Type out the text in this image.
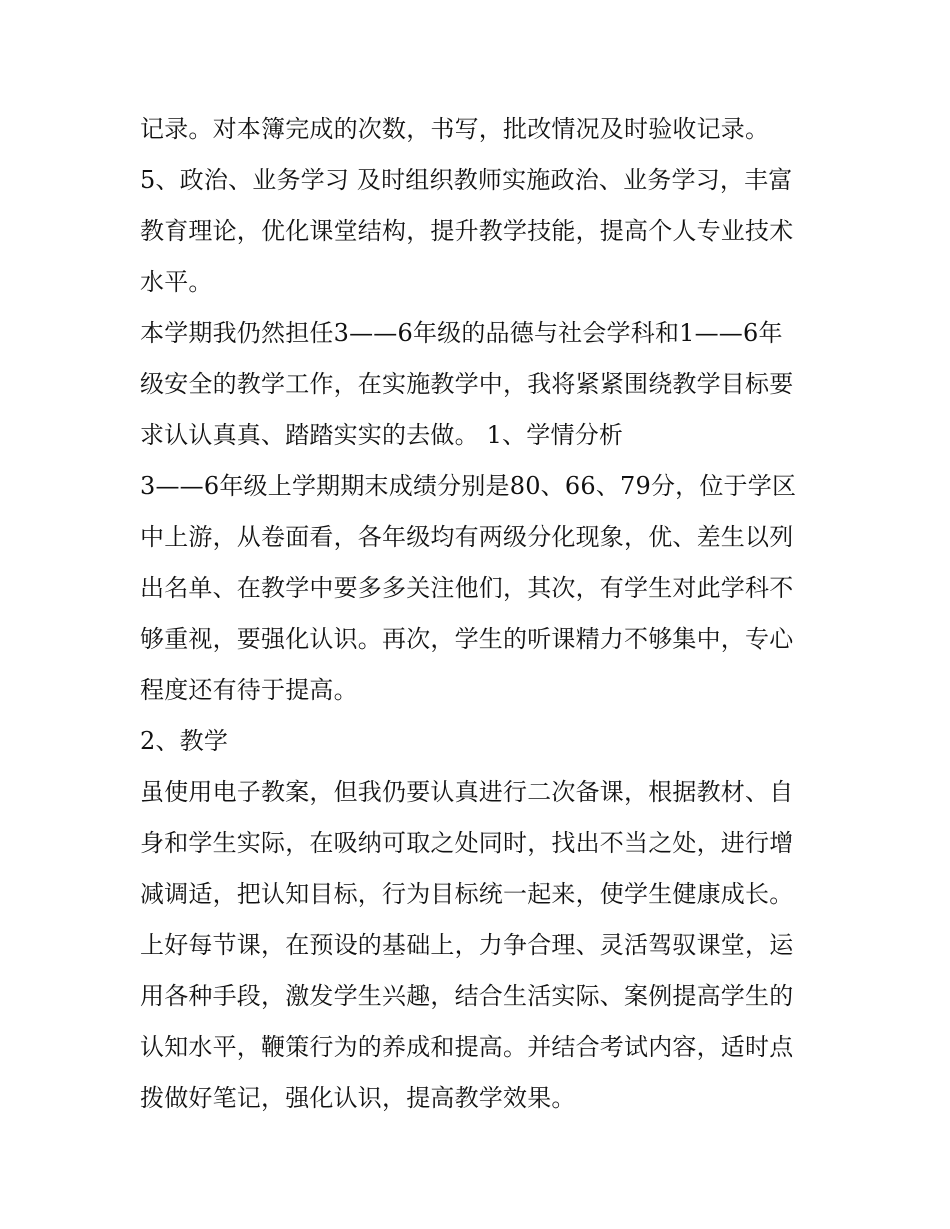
记录。对本簿完成的次数，书写，批改情况及时验收记录。
5、政治、业务学习 及时组织教师实施政治、业务学习，丰富
教育理论，优化课堂结构，提升教学技能，提高个人专业技术
水平。
本学期我仍然担任3——6年级的品德与社会学科和1——6年
级安全的教学工作，在实施教学中，我将紧紧围绕教学目标要
求认认真真、踏踏实实的去做。 1、学情分析
3——6年级上学期期末成绩分别是80、66、79分，位于学区
中上游，从卷面看，各年级均有两级分化现象，优、差生以列
出名单、在教学中要多多关注他们，其次，有学生对此学科不
够重视，要强化认识。再次，学生的听课精力不够集中，专心
程度还有待于提高。
2、教学
虽使用电子教案，但我仍要认真进行二次备课，根据教材、自
身和学生实际，在吸纳可取之处同时，找出不当之处，进行增
减调适，把认知目标，行为目标统一起来，使学生健康成长。
上好每节课，在预设的基础上，力争合理、灵活驾驭课堂，运
用各种手段，激发学生兴趣，结合生活实际、案例提高学生的
认知水平，鞭策行为的养成和提高。并结合考试内容，适时点
拨做好笔记，强化认识，提高教学效果。
